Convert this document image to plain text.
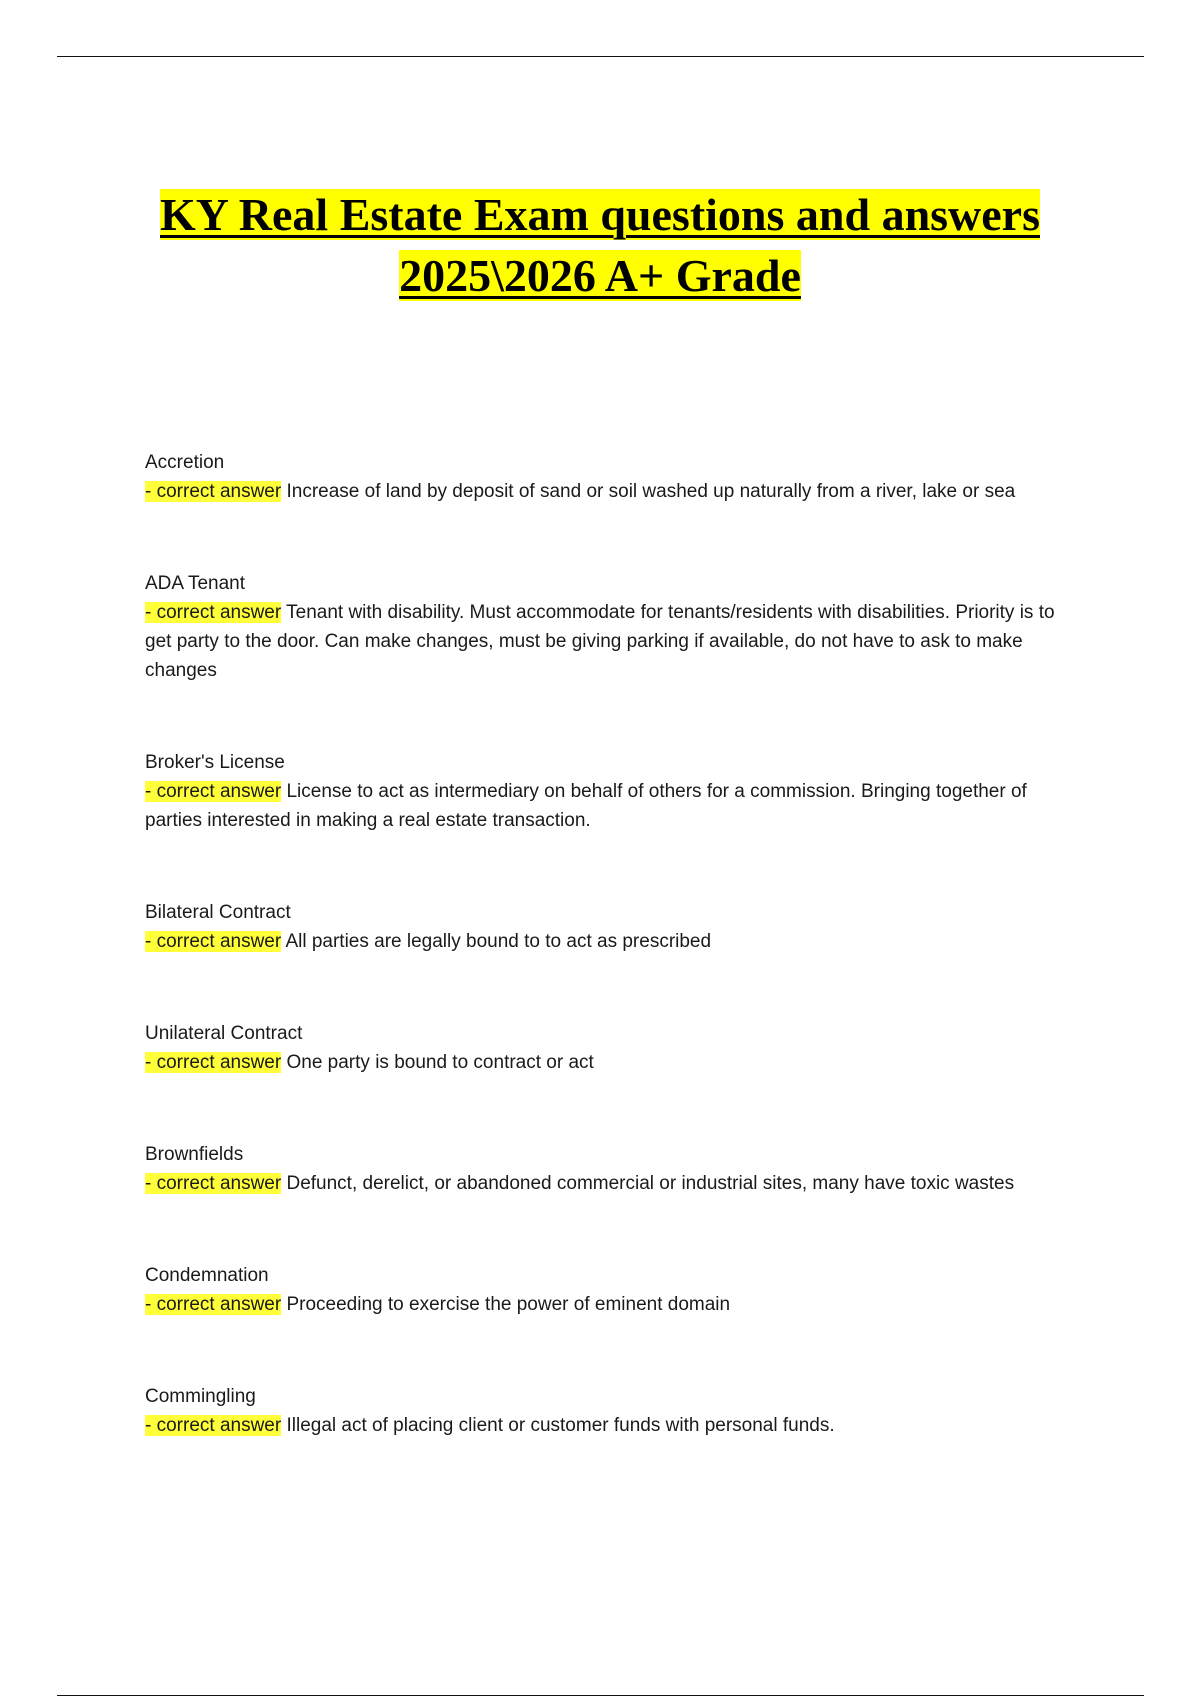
KY Real Estate Exam questions and answers
2025\2026 A+ Grade
Accretion
- correct answer Increase of land by deposit of sand or soil washed up naturally from a river, lake or sea
ADA Tenant
- correct answer Tenant with disability. Must accommodate for tenants/residents with disabilities. Priority is to get party to the door. Can make changes, must be giving parking if available, do not have to ask to make changes
Broker's License
- correct answer License to act as intermediary on behalf of others for a commission. Bringing together of parties interested in making a real estate transaction.
Bilateral Contract
- correct answer All parties are legally bound to to act as prescribed
Unilateral Contract
- correct answer One party is bound to contract or act
Brownfields
- correct answer Defunct, derelict, or abandoned commercial or industrial sites, many have toxic wastes
Condemnation
- correct answer Proceeding to exercise the power of eminent domain
Commingling
- correct answer Illegal act of placing client or customer funds with personal funds.
